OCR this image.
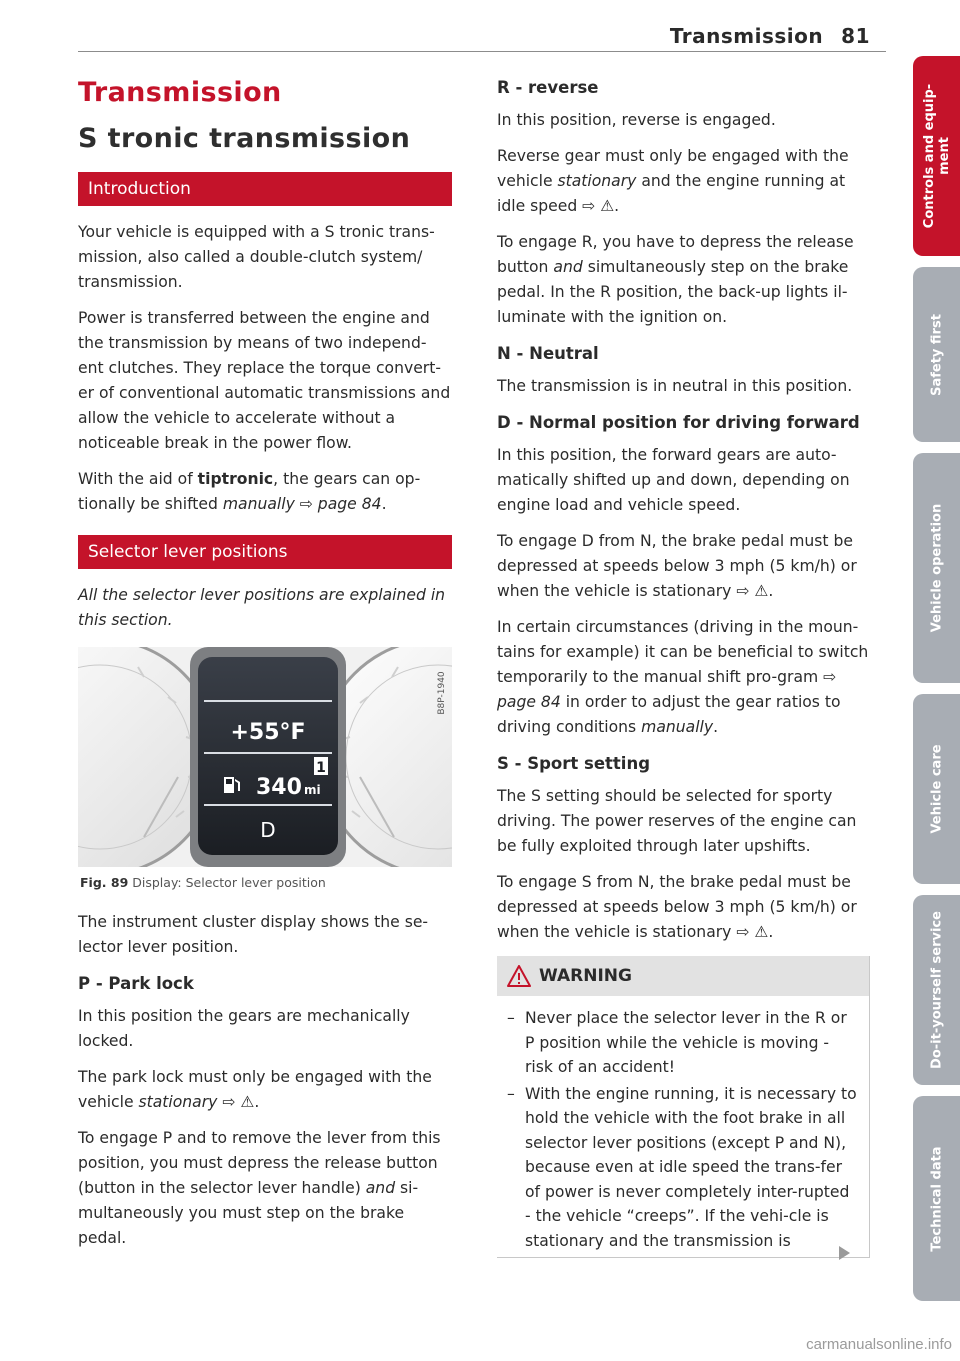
Transmission 81
Transmission
S tronic transmission
Introduction

Your vehicle is equipped with a S tronic trans-mission, also called a double-clutch system/ transmission.

Power is transferred between the engine and the transmission by means of two independ-ent clutches. They replace the torque convert-er of conventional automatic transmissions and allow the vehicle to accelerate without a noticeable break in the power flow.

With the aid of tiptronic, the gears can op-tionally be shifted manually ⇨ page 84.

Selector lever positions

All the selector lever positions are explained in this section.

+55°F
1
340 mi
D
B8P-1940
Fig. 89 Display: Selector lever position

The instrument cluster display shows the se-lector lever position.

P - Park lock

In this position the gears are mechanically locked.

The park lock must only be engaged with the vehicle stationary ⇨ ⚠.

To engage P and to remove the lever from this position, you must depress the release button (button in the selector lever handle) and si-multaneously you must step on the brake pedal.

R - reverse

In this position, reverse is engaged.

Reverse gear must only be engaged with the vehicle stationary and the engine running at idle speed ⇨ ⚠.

To engage R, you have to depress the release button and simultaneously step on the brake pedal. In the R position, the back-up lights il-luminate with the ignition on.

N - Neutral

The transmission is in neutral in this position.

D - Normal position for driving forward

In this position, the forward gears are auto-matically shifted up and down, depending on engine load and vehicle speed.

To engage D from N, the brake pedal must be depressed at speeds below 3 mph (5 km/h) or when the vehicle is stationary ⇨ ⚠.

In certain circumstances (driving in the moun-tains for example) it can be beneficial to switch temporarily to the manual shift pro-gram ⇨ page 84 in order to adjust the gear ratios to driving conditions manually.

S - Sport setting

The S setting should be selected for sporty driving. The power reserves of the engine can be fully exploited through later upshifts.

To engage S from N, the brake pedal must be depressed at speeds below 3 mph (5 km/h) or when the vehicle is stationary ⇨ ⚠.

WARNING
– Never place the selector lever in the R or P position while the vehicle is moving - risk of an accident!
– With the engine running, it is necessary to hold the vehicle with the foot brake in all selector lever positions (except P and N), because even at idle speed the trans-fer of power is never completely inter-rupted - the vehicle “creeps”. If the vehi-cle is stationary and the transmission is
Controls and equip-ment
Safety first
Vehicle operation
Vehicle care
Do-it-yourself service
Technical data
carmanualsonline.info
